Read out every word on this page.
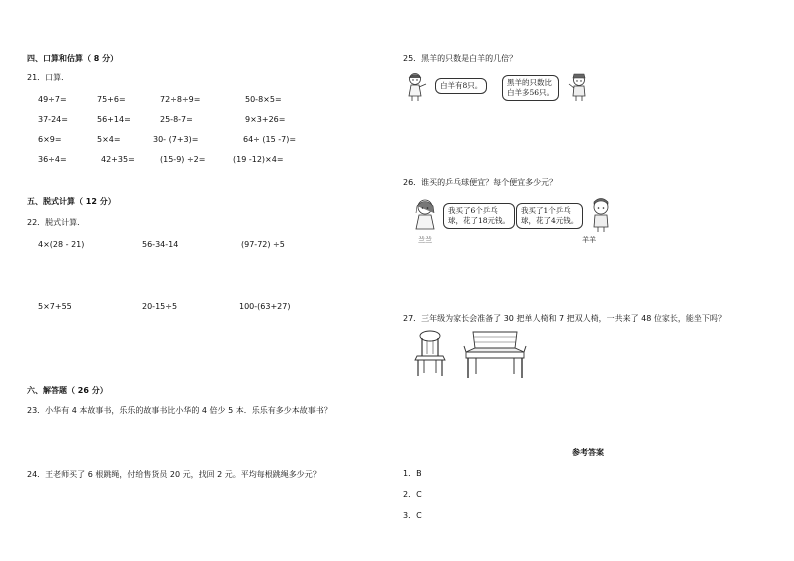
四、口算和估算（ 8 分）
21．口算．
49÷7=	75+6=	72÷8÷9=	50-8×5=
37-24=	56+14=	25-8-7=	9×3+26=
6×9=	5×4=	30- (7+3)=	64÷ (15 -7)=
36÷4=	42+35=	(15-9) ÷2=	(19 -12)×4=
五、脱式计算（ 12 分）
22．脱式计算．
4×(28 - 21)	56-34-14	(97-72) ÷5
5×7+55	20-15÷5	100-(63+27)
六、解答题（ 26 分）
23．小华有 4 本故事书，乐乐的故事书比小华的 4 倍少 5 本．乐乐有多少本故事书？
24．王老师买了 6 根跳绳，付给售货员 20 元，找回 2 元。平均每根跳绳多少元？
25．黑羊的只数是白羊的几倍？
白羊有8只。	黑羊的只数比
白羊多56只。
26．谁买的乒乓球便宜？每个便宜多少元？
兰兰
我买了6个乒乓
球，花了18元钱。
我买了1个乒乓
球，花了4元钱。
羊羊
27．三年级为家长会准备了 30 把单人椅和 7 把双人椅，一共来了 48 位家长，能坐下吗？
参考答案
1．B
2．C
3．C
